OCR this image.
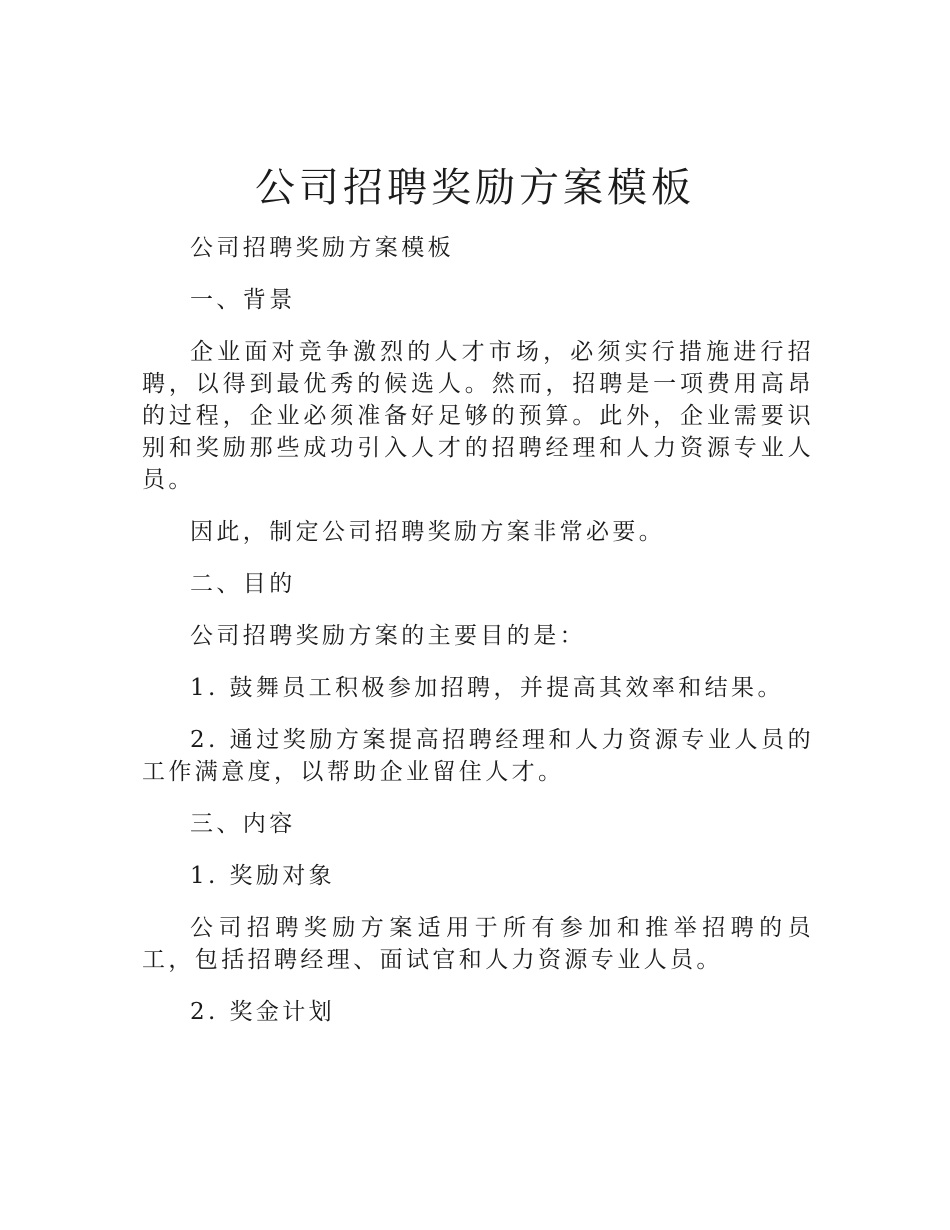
公司招聘奖励方案模板

公司招聘奖励方案模板

一、背景

企业面对竞争激烈的人才市场，必须实行措施进行招聘，以得到最优秀的候选人。然而，招聘是一项费用高昂的过程，企业必须准备好足够的预算。此外，企业需要识别和奖励那些成功引入人才的招聘经理和人力资源专业人员。

因此，制定公司招聘奖励方案非常必要。

二、目的

公司招聘奖励方案的主要目的是：

1. 鼓舞员工积极参加招聘，并提高其效率和结果。

2. 通过奖励方案提高招聘经理和人力资源专业人员的工作满意度，以帮助企业留住人才。

三、内容

1. 奖励对象

公司招聘奖励方案适用于所有参加和推举招聘的员工，包括招聘经理、面试官和人力资源专业人员。

2. 奖金计划
